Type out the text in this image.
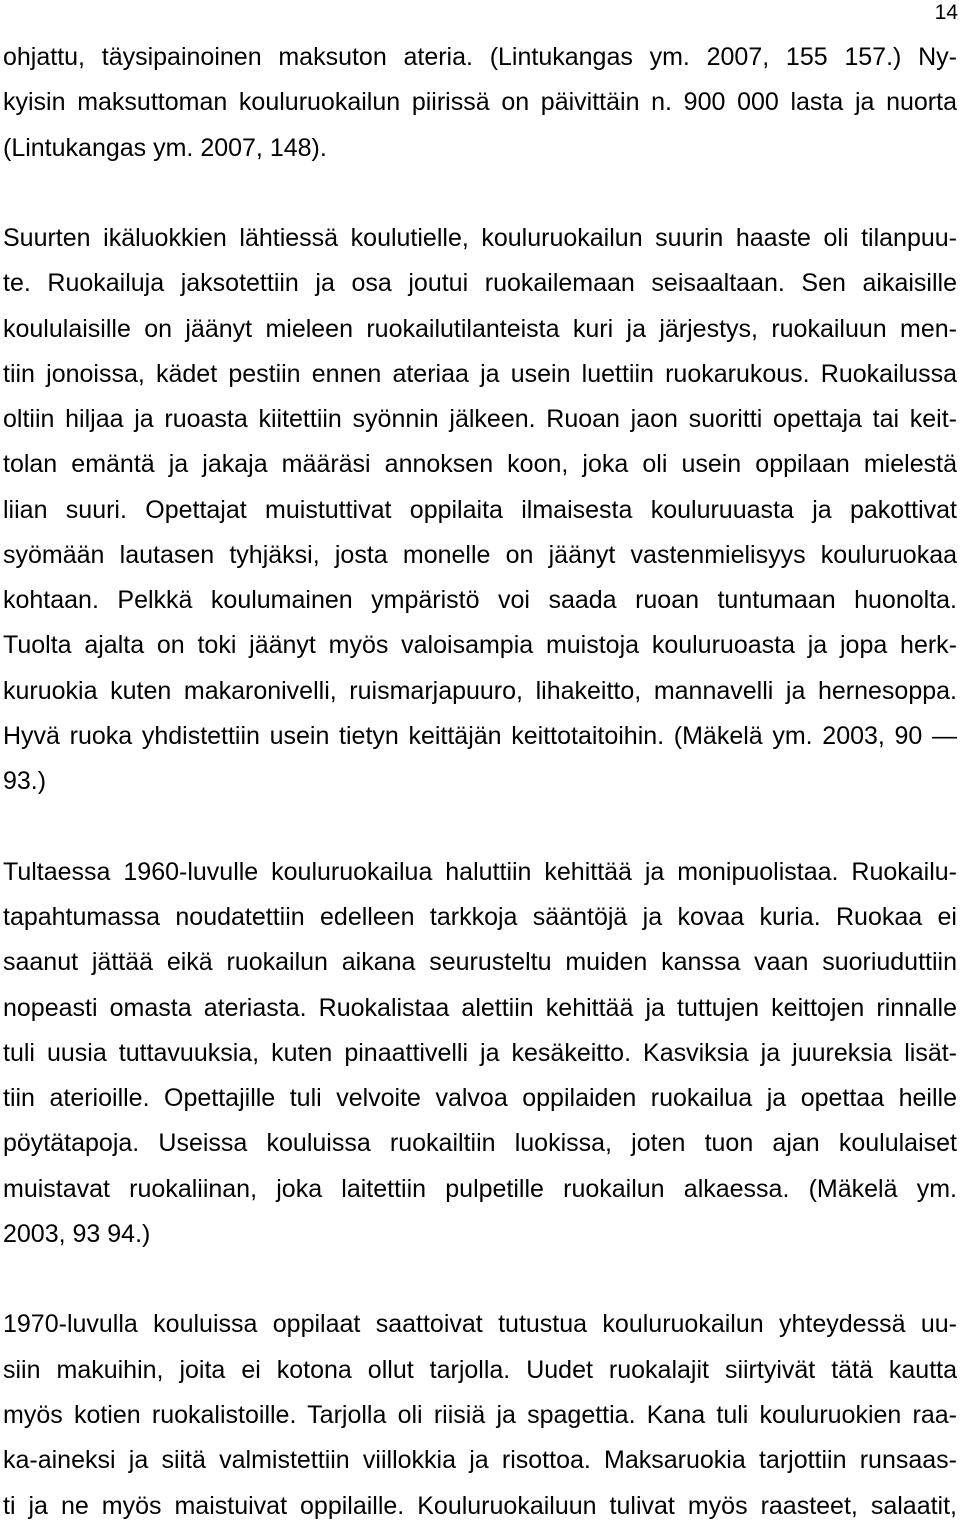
14
ohjattu, täysipainoinen maksuton ateria. (Lintukangas ym. 2007, 155 157.) Ny-
kyisin maksuttoman kouluruokailun piirissä on päivittäin n. 900 000 lasta ja nuorta
(Lintukangas ym. 2007, 148).
Suurten ikäluokkien lähtiessä koulutielle, kouluruokailun suurin haaste oli tilanpuu-
te. Ruokailuja jaksotettiin ja osa joutui ruokailemaan seisaaltaan. Sen aikaisille
koululaisille on jäänyt mieleen ruokailutilanteista kuri ja järjestys, ruokailuun men-
tiin jonoissa, kädet pestiin ennen ateriaa ja usein luettiin ruokarukous. Ruokailussa
oltiin hiljaa ja ruoasta kiitettiin syönnin jälkeen. Ruoan jaon suoritti opettaja tai keit-
tolan emäntä ja jakaja määräsi annoksen koon, joka oli usein oppilaan mielestä
liian suuri. Opettajat muistuttivat oppilaita ilmaisesta kouluruuasta ja pakottivat
syömään lautasen tyhjäksi, josta monelle on jäänyt vastenmielisyys kouluruokaa
kohtaan. Pelkkä koulumainen ympäristö voi saada ruoan tuntumaan huonolta.
Tuolta ajalta on toki jäänyt myös valoisampia muistoja kouluruoasta ja jopa herk-
kuruokia kuten makaronivelli, ruismarjapuuro, lihakeitto, mannavelli ja hernesoppa.
Hyvä ruoka yhdistettiin usein tietyn keittäjän keittotaitoihin. (Mäkelä ym. 2003, 90 —
93.)
Tultaessa 1960-luvulle kouluruokailua haluttiin kehittää ja monipuolistaa. Ruokailu-
tapahtumassa noudatettiin edelleen tarkkoja sääntöjä ja kovaa kuria. Ruokaa ei
saanut jättää eikä ruokailun aikana seurusteltu muiden kanssa vaan suoriuduttiin
nopeasti omasta ateriasta. Ruokalistaa alettiin kehittää ja tuttujen keittojen rinnalle
tuli uusia tuttavuuksia, kuten pinaattivelli ja kesäkeitto. Kasviksia ja juureksia lisät-
tiin aterioille. Opettajille tuli velvoite valvoa oppilaiden ruokailua ja opettaa heille
pöytätapoja. Useissa kouluissa ruokailtiin luokissa, joten tuon ajan koululaiset
muistavat ruokaliinan, joka laitettiin pulpetille ruokailun alkaessa. (Mäkelä ym.
2003, 93 94.)
1970-luvulla kouluissa oppilaat saattoivat tutustua kouluruokailun yhteydessä uu-
siin makuihin, joita ei kotona ollut tarjolla. Uudet ruokalajit siirtyivät tätä kautta
myös kotien ruokalistoille. Tarjolla oli riisiä ja spagettia. Kana tuli kouluruokien raa-
ka-aineksi ja siitä valmistettiin viillokkia ja risottoa. Maksaruokia tarjottiin runsaas-
ti ja ne myös maistuivat oppilaille. Kouluruokailuun tulivat myös raasteet, salaatit,
